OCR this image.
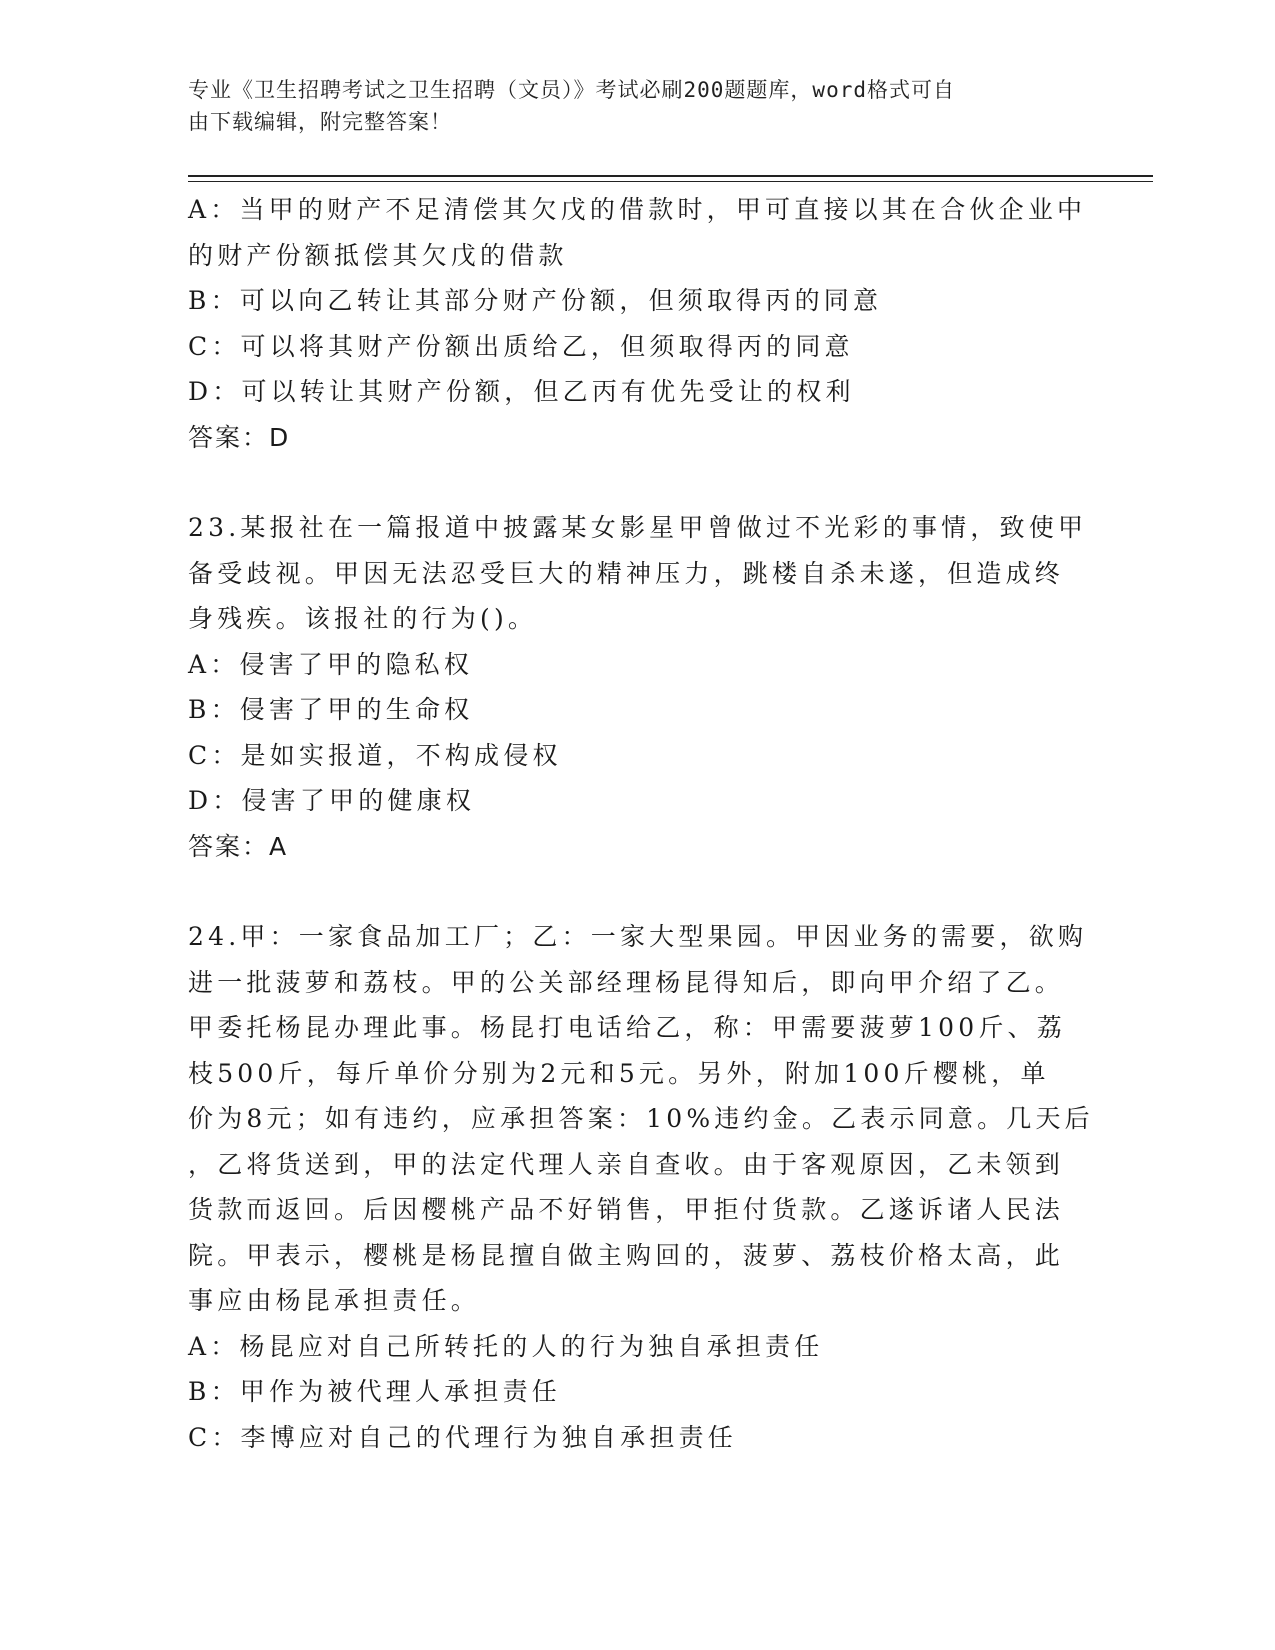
专业《卫生招聘考试之卫生招聘（文员）》考试必刷200题题库，word格式可自
由下载编辑，附完整答案！
A：当甲的财产不足清偿其欠戊的借款时，甲可直接以其在合伙企业中
的财产份额抵偿其欠戊的借款
B：可以向乙转让其部分财产份额，但须取得丙的同意
C：可以将其财产份额出质给乙，但须取得丙的同意
D：可以转让其财产份额，但乙丙有优先受让的权利
答案：D
23.某报社在一篇报道中披露某女影星甲曾做过不光彩的事情，致使甲
备受歧视。甲因无法忍受巨大的精神压力，跳楼自杀未遂，但造成终
身残疾。该报社的行为()。
A：侵害了甲的隐私权
B：侵害了甲的生命权
C：是如实报道，不构成侵权
D：侵害了甲的健康权
答案：A
24.甲：一家食品加工厂；乙：一家大型果园。甲因业务的需要，欲购
进一批菠萝和荔枝。甲的公关部经理杨昆得知后，即向甲介绍了乙。
甲委托杨昆办理此事。杨昆打电话给乙，称：甲需要菠萝100斤、荔
枝500斤，每斤单价分别为2元和5元。另外，附加100斤樱桃，单
价为8元；如有违约，应承担答案：10%违约金。乙表示同意。几天后
，乙将货送到，甲的法定代理人亲自查收。由于客观原因，乙未领到
货款而返回。后因樱桃产品不好销售，甲拒付货款。乙遂诉诸人民法
院。甲表示，樱桃是杨昆擅自做主购回的，菠萝、荔枝价格太高，此
事应由杨昆承担责任。
A：杨昆应对自己所转托的人的行为独自承担责任
B：甲作为被代理人承担责任
C：李博应对自己的代理行为独自承担责任
